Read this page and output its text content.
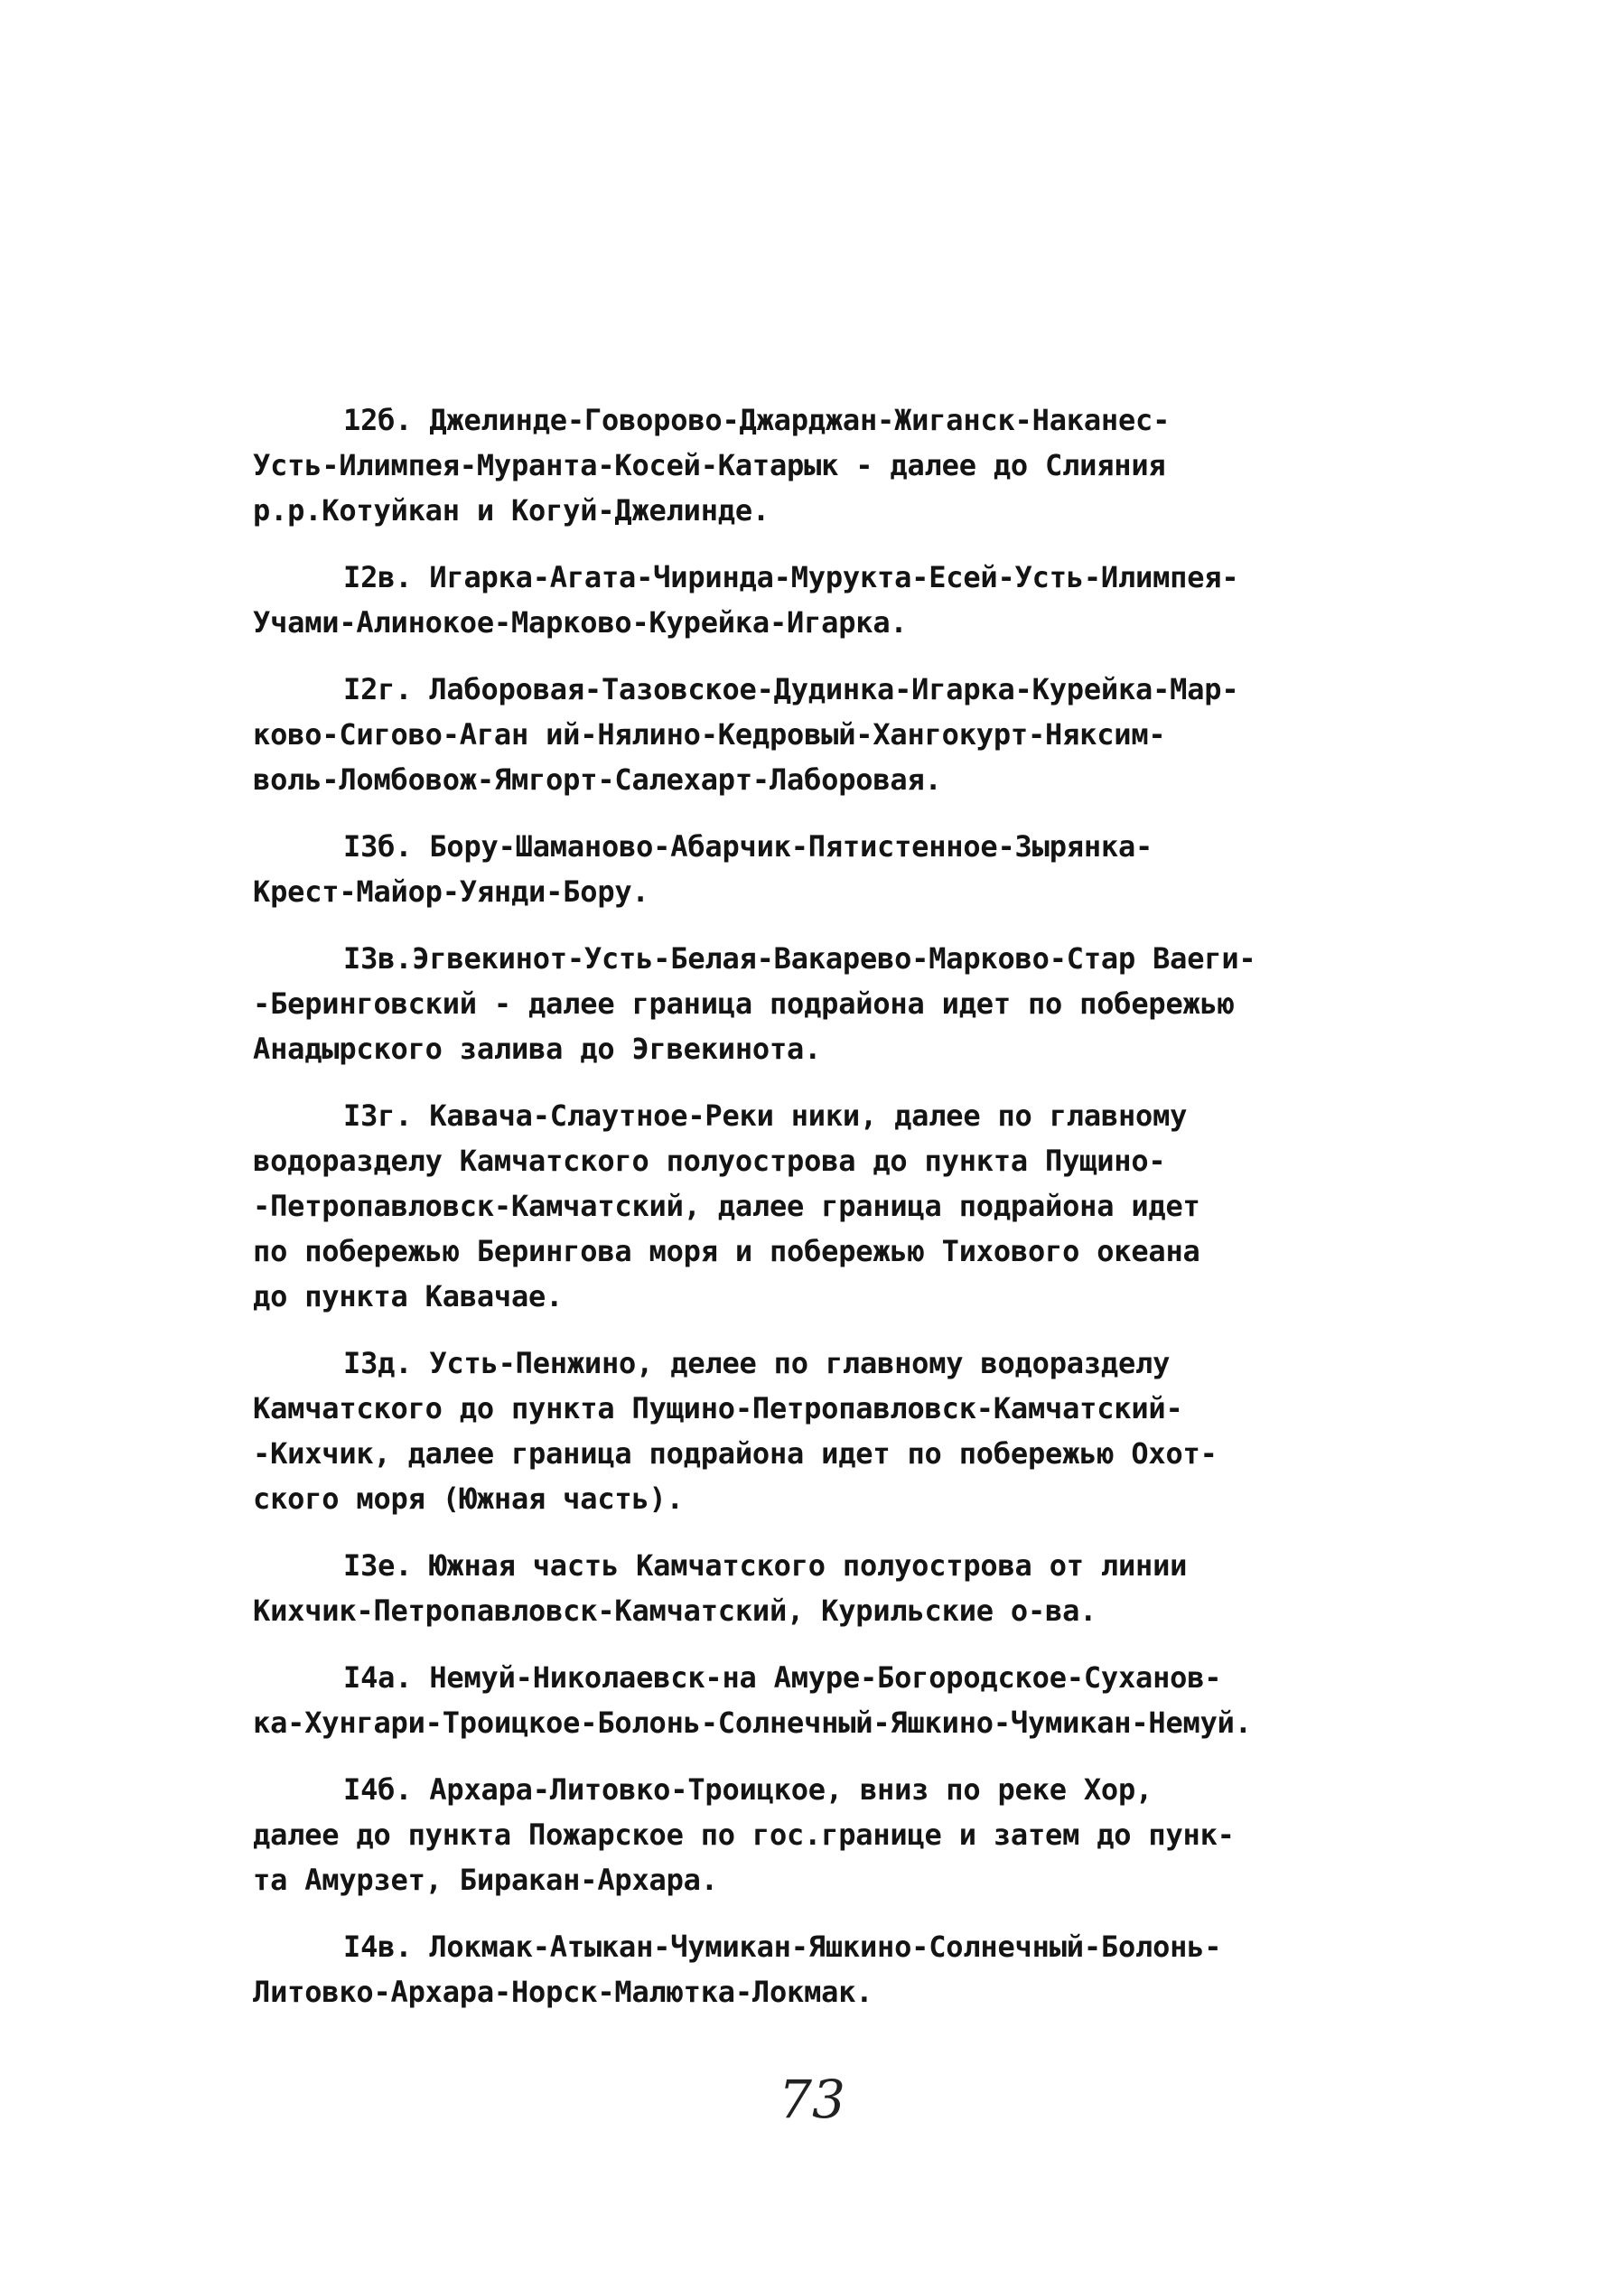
12б. Джелинде-Говорово-Джарджан-Жиганск-Наканес-
Усть-Илимпея-Муранта-Косей-Катарык - далее до Слияния
р.р.Котуйкан и Когуй-Джелинде.
I2в. Игарка-Агата-Чиринда-Мурукта-Есей-Усть-Илимпея-
Учами-Алинокое-Марково-Курейка-Игарка.
I2г. Лаборовая-Тазовское-Дудинка-Игарка-Курейка-Мар-
ково-Сигово-Аган ий-Нялино-Кедровый-Хангокурт-Няксим-
воль-Ломбовож-Ямгорт-Салехарт-Лаборовая.
I3б. Бору-Шаманово-Абарчик-Пятистенное-Зырянка-
Крест-Майор-Уянди-Бору.
I3в.Эгвекинот-Усть-Белая-Вакарево-Марково-Стар Ваеги-
-Беринговский - далее граница подрайона идет по побережью
Анадырского залива до Эгвекинота.
I3г. Кавача-Слаутное-Реки ники, далее по главному
водоразделу Камчатского полуострова до пункта Пущино-
-Петропавловск-Камчатский, далее граница подрайона идет
по побережью Берингова моря и побережью Тихового океана
до пункта Кавачае.
I3д. Усть-Пенжино, делее по главному водоразделу
Камчатского до пункта Пущино-Петропавловск-Камчатский-
-Кихчик, далее граница подрайона идет по побережью Охот-
ского моря (Южная часть).
I3е. Южная часть Камчатского полуострова от линии
Кихчик-Петропавловск-Камчатский, Курильские о-ва.
I4а. Немуй-Николаевск-на Амуре-Богородское-Суханов-
ка-Хунгари-Троицкое-Болонь-Солнечный-Яшкино-Чумикан-Немуй.
I4б. Архара-Литовко-Троицкое, вниз по реке Хор,
далее до пункта Пожарское по гос.границе и затем до пунк-
та Амурзет, Биракан-Архара.
I4в. Локмак-Атыкан-Чумикан-Яшкино-Солнечный-Болонь-
Литовко-Архара-Норск-Малютка-Локмак.
73
